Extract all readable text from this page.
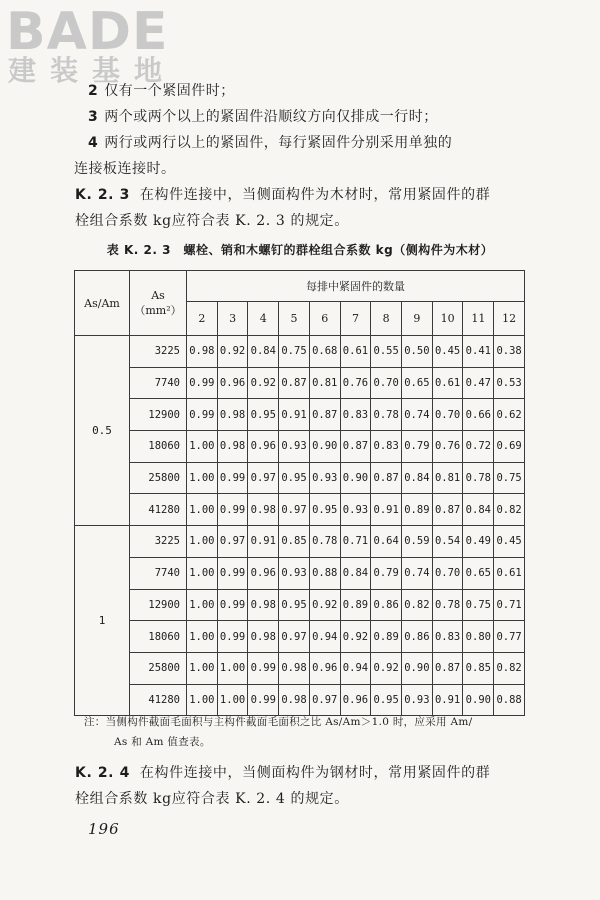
BADE
建装基地
2 仅有一个紧固件时；
3 两个或两个以上的紧固件沿顺纹方向仅排成一行时；
4 两行或两行以上的紧固件，每行紧固件分别采用单独的
连接板连接时。
K. 2. 3 在构件连接中，当侧面构件为木材时，常用紧固件的群
栓组合系数 kg应符合表 K. 2. 3 的规定。
表 K. 2. 3　螺栓、销和木螺钉的群栓组合系数 kg（侧构件为木材）
As/Am	As
（mm²）	每排中紧固件的数量										
		2	3	4	5	6	7	8	9	10	11	12
0.5	3225	0.98	0.92	0.84	0.75	0.68	0.61	0.55	0.50	0.45	0.41	0.38
	7740	0.99	0.96	0.92	0.87	0.81	0.76	0.70	0.65	0.61	0.47	0.53
	12900	0.99	0.98	0.95	0.91	0.87	0.83	0.78	0.74	0.70	0.66	0.62
	18060	1.00	0.98	0.96	0.93	0.90	0.87	0.83	0.79	0.76	0.72	0.69
	25800	1.00	0.99	0.97	0.95	0.93	0.90	0.87	0.84	0.81	0.78	0.75
	41280	1.00	0.99	0.98	0.97	0.95	0.93	0.91	0.89	0.87	0.84	0.82
1	3225	1.00	0.97	0.91	0.85	0.78	0.71	0.64	0.59	0.54	0.49	0.45
	7740	1.00	0.99	0.96	0.93	0.88	0.84	0.79	0.74	0.70	0.65	0.61
	12900	1.00	0.99	0.98	0.95	0.92	0.89	0.86	0.82	0.78	0.75	0.71
	18060	1.00	0.99	0.98	0.97	0.94	0.92	0.89	0.86	0.83	0.80	0.77
	25800	1.00	1.00	0.99	0.98	0.96	0.94	0.92	0.90	0.87	0.85	0.82
	41280	1.00	1.00	0.99	0.98	0.97	0.96	0.95	0.93	0.91	0.90	0.88
注：当侧构件截面毛面积与主构件截面毛面积之比 As/Am＞1.0 时，应采用 Am/
As 和 Am 值查表。
K. 2. 4 在构件连接中，当侧面构件为钢材时，常用紧固件的群
栓组合系数 kg应符合表 K. 2. 4 的规定。
196
